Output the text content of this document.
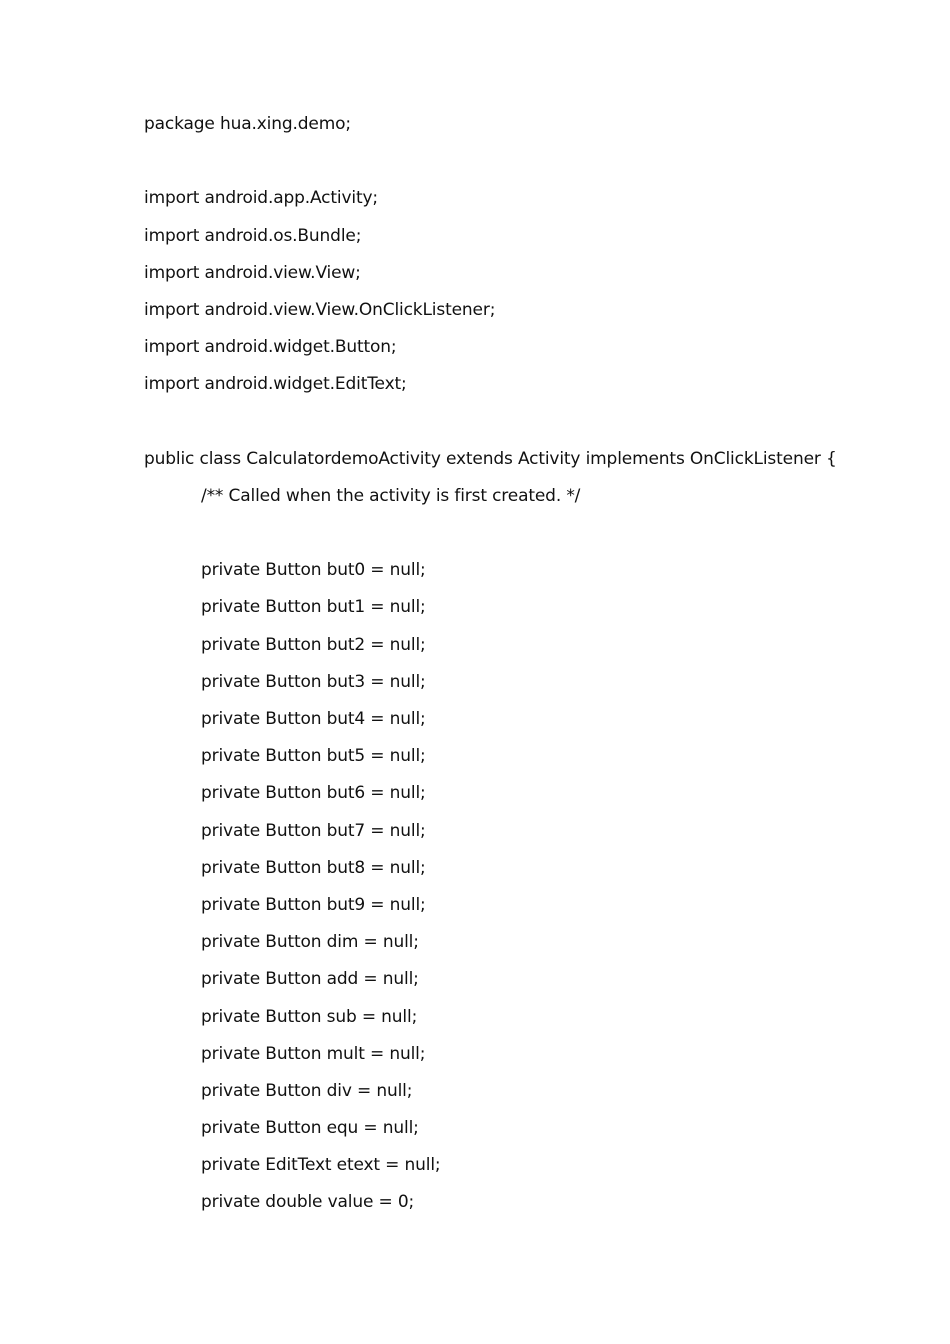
package hua.xing.demo;
import android.app.Activity;
import android.os.Bundle;
import android.view.View;
import android.view.View.OnClickListener;
import android.widget.Button;
import android.widget.EditText;
public class CalculatordemoActivity extends Activity implements OnClickListener {
/** Called when the activity is first created. */
private Button but0 = null;
private Button but1 = null;
private Button but2 = null;
private Button but3 = null;
private Button but4 = null;
private Button but5 = null;
private Button but6 = null;
private Button but7 = null;
private Button but8 = null;
private Button but9 = null;
private Button dim = null;
private Button add = null;
private Button sub = null;
private Button mult = null;
private Button div = null;
private Button equ = null;
private EditText etext = null;
private double value = 0;
